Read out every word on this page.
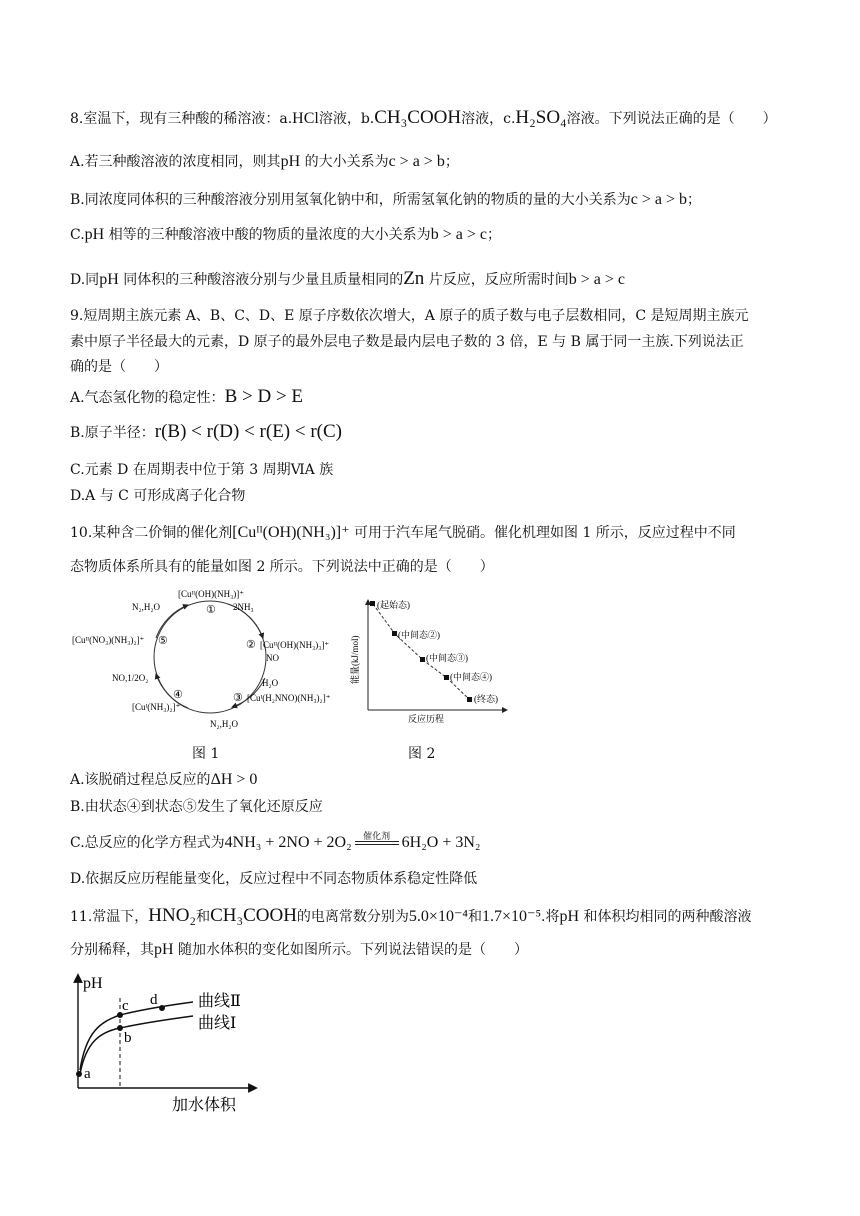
8.室温下，现有三种酸的稀溶液：a.HCl溶液，b.CH₃COOH溶液，c.H₂SO₄溶液。下列说法正确的是（　　）
A.若三种酸溶液的浓度相同，则其pH 的大小关系为c > a > b；
B.同浓度同体积的三种酸溶液分别用氢氧化钠中和，所需氢氧化钠的物质的量的大小关系为c > a > b；
C.pH 相等的三种酸溶液中酸的物质的量浓度的大小关系为b > a > c；
D.同pH 同体积的三种酸溶液分别与少量且质量相同的Zn 片反应，反应所需时间b > a > c
9.短周期主族元素 A、B、C、D、E 原子序数依次增大，A 原子的质子数与电子层数相同，C 是短周期主族元
素中原子半径最大的元素，D 原子的最外层电子数是最内层电子数的 3 倍，E 与 B 属于同一主族.下列说法正
确的是（　　）
A.气态氢化物的稳定性：B > D > E
B.原子半径：r(B) < r(D) < r(E) < r(C)
C.元素 D 在周期表中位于第 3 周期ⅥA 族
D.A 与 C 可形成离子化合物
10.某种含二价铜的催化剂[Cuᴵᴵ(OH)(NH₃)]⁺ 可用于汽车尾气脱硝。催化机理如图 1 所示，反应过程中不同
态物质体系所具有的能量如图 2 所示。下列说法中正确的是（　　）
[Cuᴵᴵ(OH)(NH₃)]⁺
① 2NH₃
N₂,H₂O
② [Cuᴵᴵ(OH)(NH₃)₃]⁺
NO
H₂O
③ [Cuᴵ(H₂NNO)(NH₃)₂]⁺
N₂,H₂O
④
[Cuᴵ(NH₃)₂]⁺
NO,1/2O₂
[Cuᴵᴵ(NO₃)(NH₃)₂]⁺ ⑤	能量(kJ/mol)
反应历程
(起始态)
(中间态②)
(中间态③)
(中间态④)
(终态)
图 1	图 2
A.该脱硝过程总反应的ΔH > 0
B.由状态④到状态⑤发生了氧化还原反应
C.总反应的化学方程式为4NH₃ + 2NO + 2O₂	催化剂 6H₂O + 3N₂
D.依据反应历程能量变化，反应过程中不同态物质体系稳定性降低
11.常温下，HNO₂和CH₃COOH的电离常数分别为5.0×10⁻⁴和1.7×10⁻⁵.将pH 和体积均相同的两种酸溶液
分别稀释，其pH 随加水体积的变化如图所示。下列说法错误的是（　　）
pH
加水体积
a
b
c d	曲线Ⅱ
曲线Ⅰ
